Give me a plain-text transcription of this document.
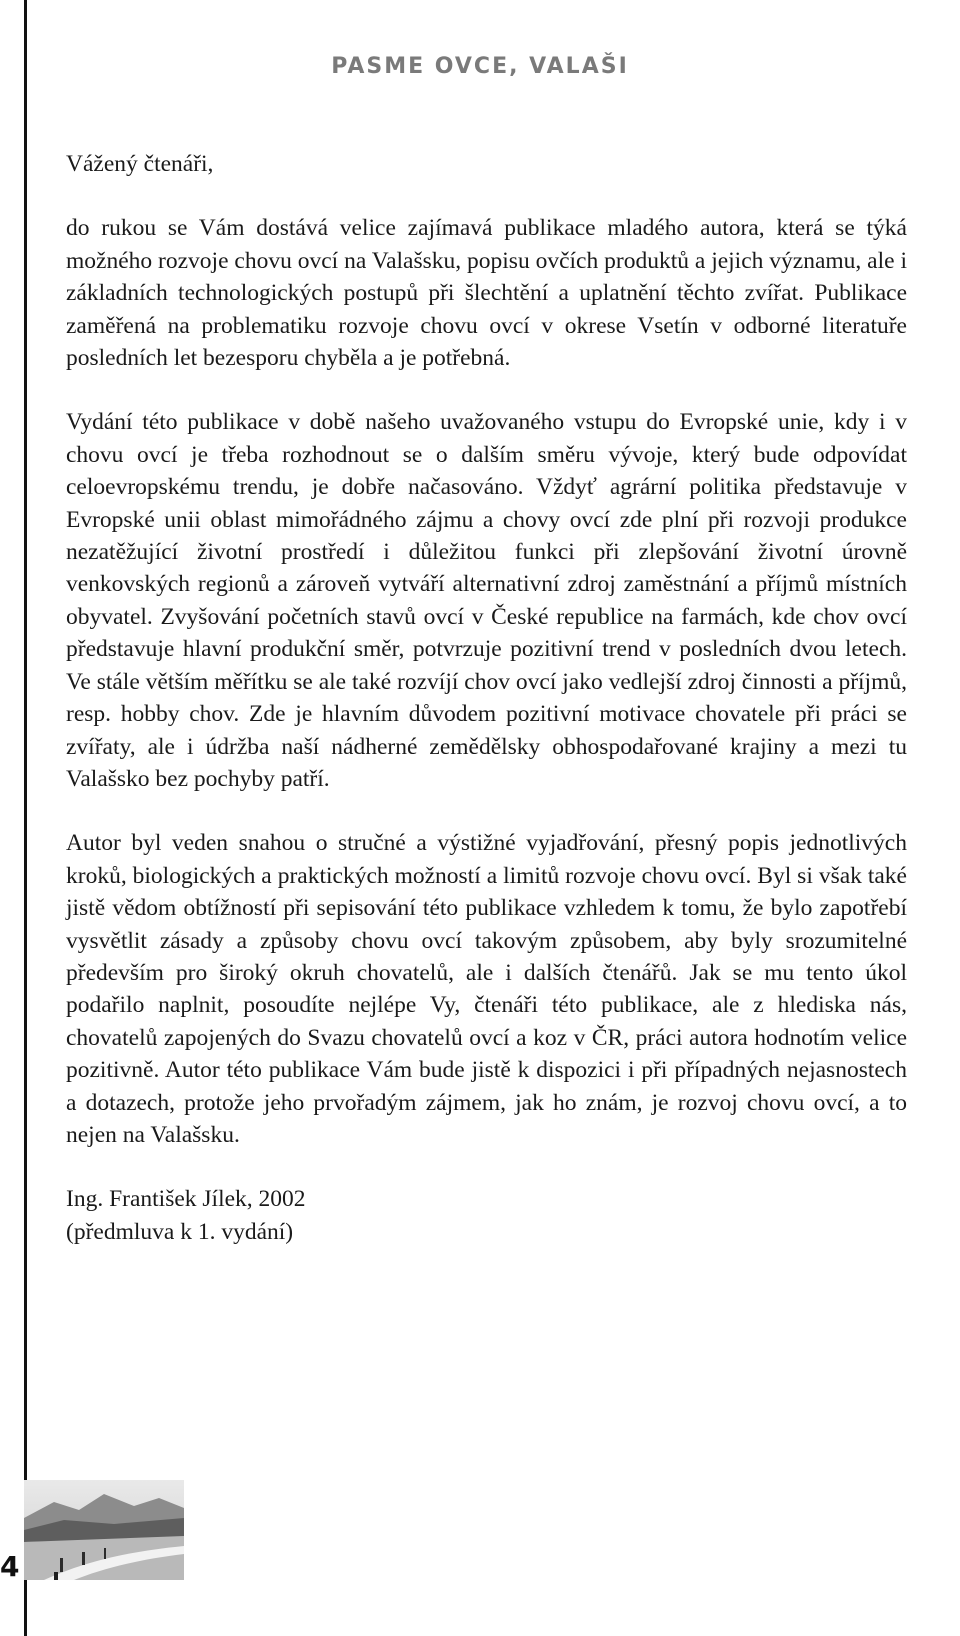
PASME OVCE, VALAŠI

Vážený čtenáři,

do rukou se Vám dostává velice zajímavá publikace mladého autora, která se týká možného rozvoje chovu ovcí na Valašsku, popisu ovčích produktů a jejich významu, ale i základních technologických postupů při šlechtění a uplatnění těchto zvířat. Publikace zaměřená na problematiku rozvoje chovu ovcí v okrese Vsetín v odborné literatuře posledních let bezesporu chyběla a je potřebná.

Vydání této publikace v době našeho uvažovaného vstupu do Evropské unie, kdy i v chovu ovcí je třeba rozhodnout se o dalším směru vývoje, který bude odpovídat celoevropskému trendu, je dobře načasováno. Vždyť agrární politika představuje v Evropské unii oblast mimořádného zájmu a chovy ovcí zde plní při rozvoji produkce nezatěžující životní prostředí i důležitou funkci při zlepšování životní úrovně venkovských regionů a zároveň vytváří alternativní zdroj zaměstnání a příjmů místních obyvatel. Zvyšování početních stavů ovcí v České republice na farmách, kde chov ovcí představuje hlavní produkční směr, potvrzuje pozitivní trend v posledních dvou letech. Ve stále větším měřítku se ale také rozvíjí chov ovcí jako vedlejší zdroj činnosti a příjmů, resp. hobby chov. Zde je hlavním důvodem pozitivní motivace chovatele při práci se zvířaty, ale i údržba naší nádherné zemědělsky obhospodařované krajiny a mezi tu Valašsko bez pochyby patří.

Autor byl veden snahou o stručné a výstižné vyjadřování, přesný popis jednotlivých kroků, biologických a praktických možností a limitů rozvoje chovu ovcí. Byl si však také jistě vědom obtížností při sepisování této publikace vzhledem k tomu, že bylo zapotřebí vysvětlit zásady a způsoby chovu ovcí takovým způsobem, aby byly srozumitelné především pro široký okruh chovatelů, ale i dalších čtenářů. Jak se mu tento úkol podařilo naplnit, posoudíte nejlépe Vy, čtenáři této publikace, ale z hlediska nás, chovatelů zapojených do Svazu chovatelů ovcí a koz v ČR, práci autora hodnotím velice pozitivně. Autor této publikace Vám bude jistě k dispozici i při případných nejasnostech a dotazech, protože jeho prvořadým zájmem, jak ho znám, je rozvoj chovu ovcí, a to nejen na Valašsku.

Ing. František Jílek, 2002

(předmluva k 1. vydání)

4
